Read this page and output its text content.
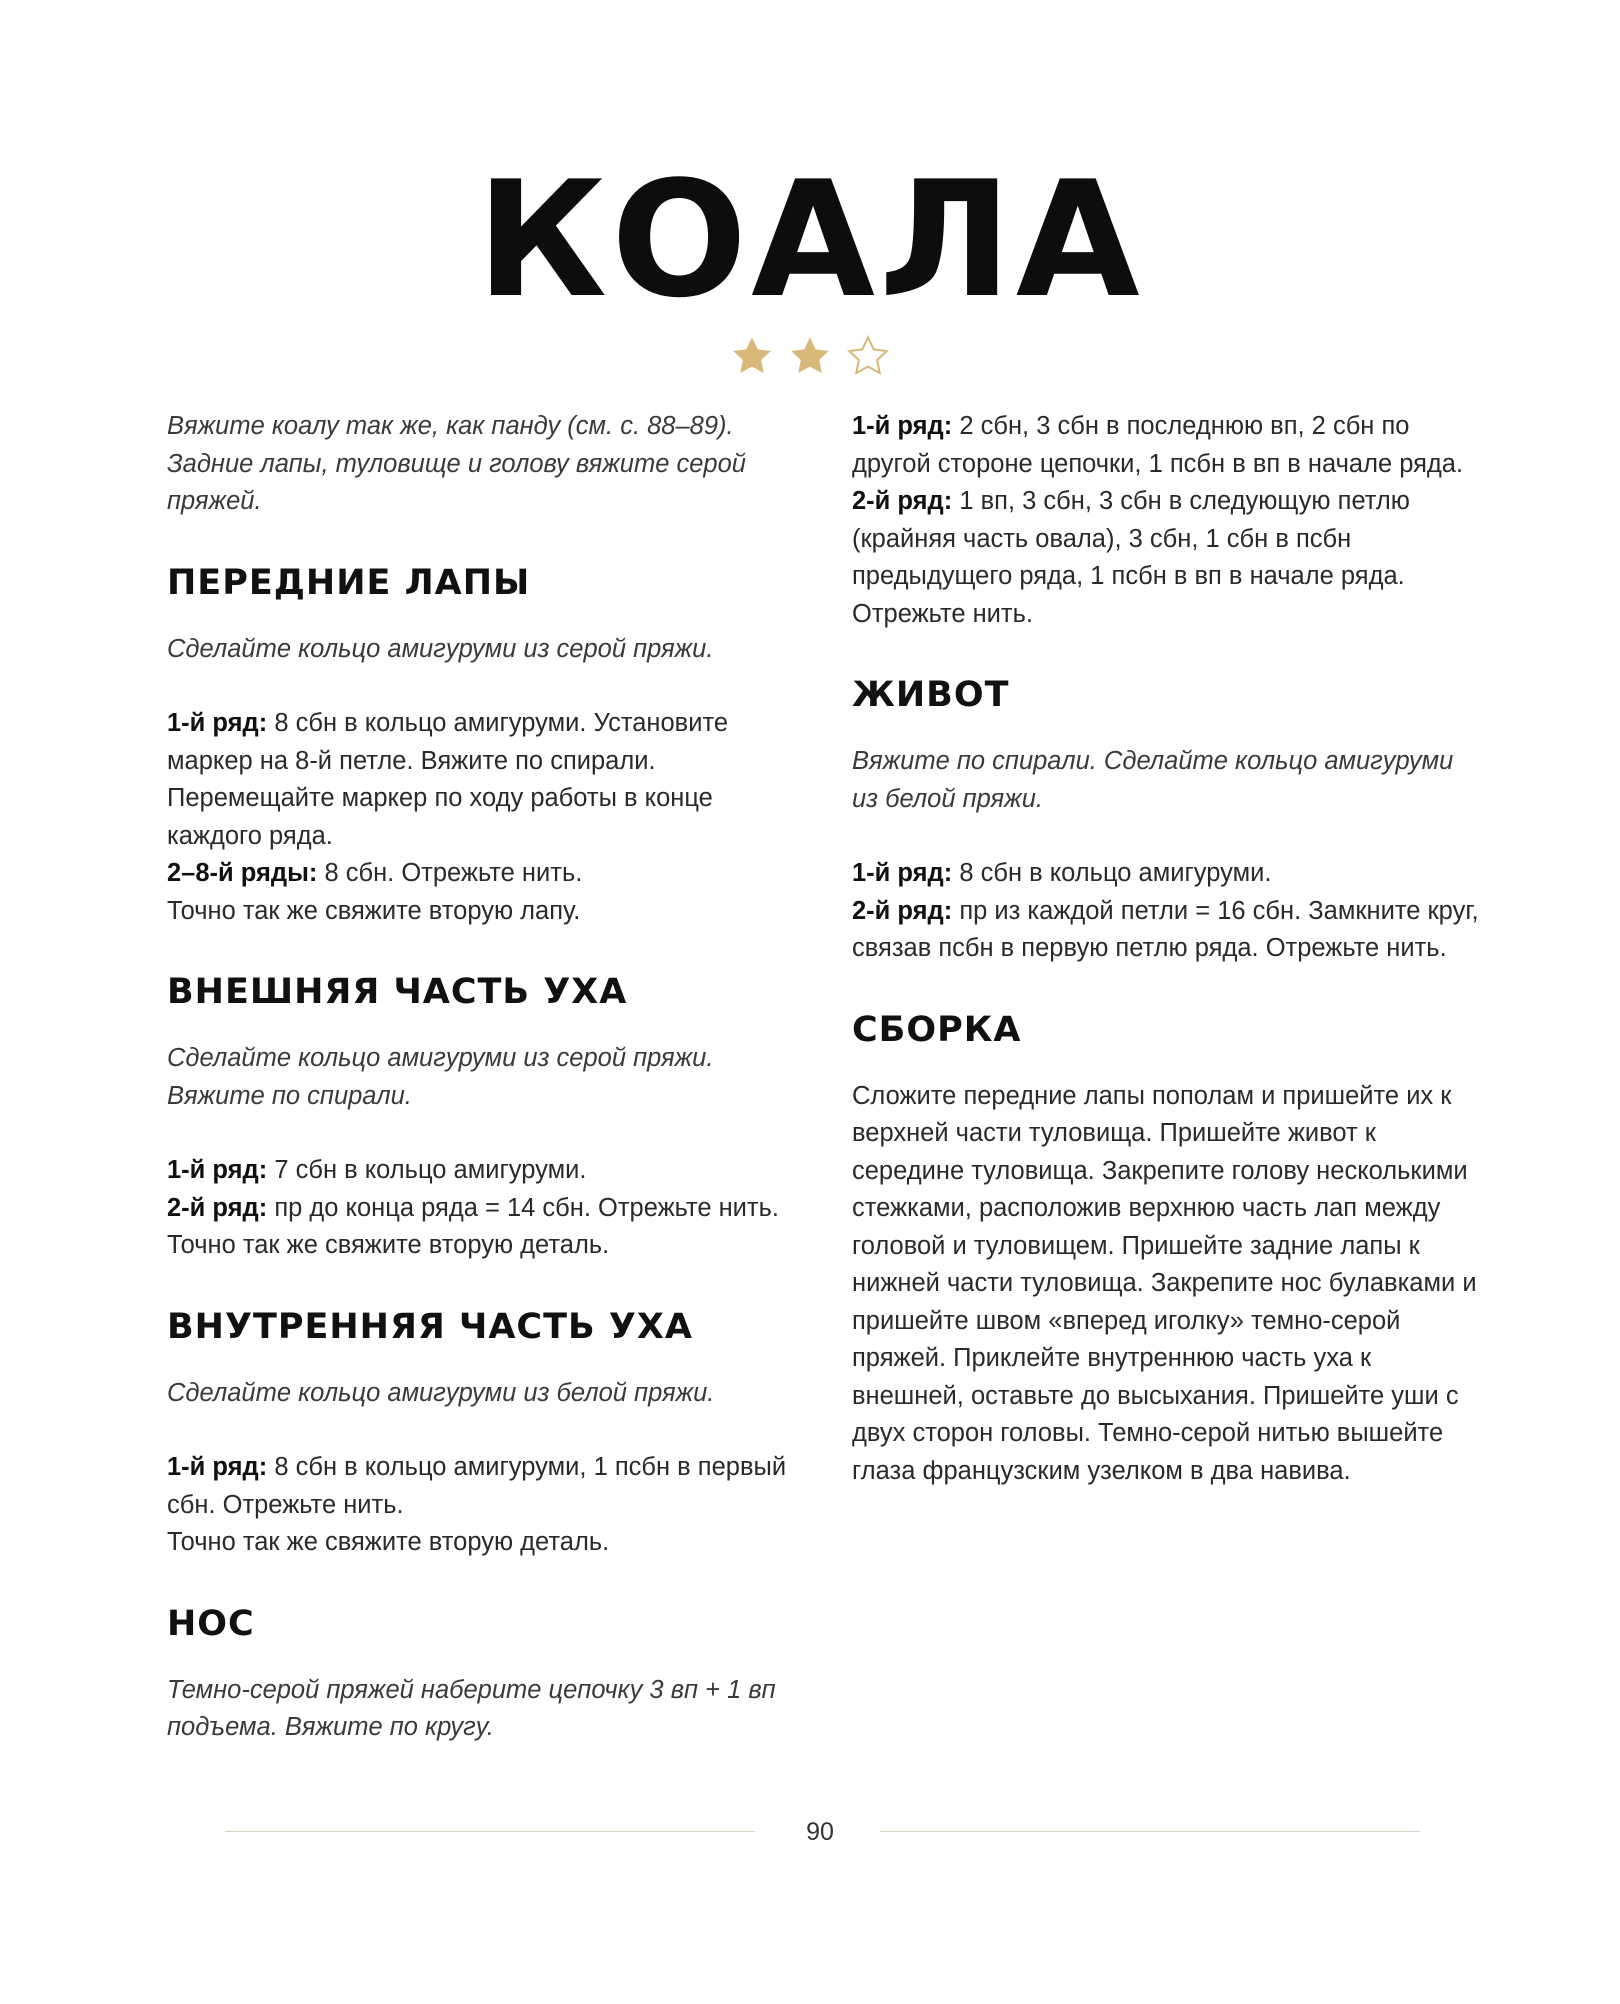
КОАЛА

Вяжите коалу так же, как панду (см. с. 88–89). Задние лапы, туловище и голову вяжите серой пряжей.

ПЕРЕДНИЕ ЛАПЫ

Сделайте кольцо амигуруми из серой пряжи.

1-й ряд: 8 сбн в кольцо амигуруми. Установите маркер на 8-й петле. Вяжите по спирали. Перемещайте маркер по ходу работы в конце каждого ряда.

2–8-й ряды: 8 сбн. Отрежьте нить.

Точно так же свяжите вторую лапу.

ВНЕШНЯЯ ЧАСТЬ УХА

Сделайте кольцо амигуруми из серой пряжи. Вяжите по спирали.

1-й ряд: 7 сбн в кольцо амигуруми.

2-й ряд: пр до конца ряда = 14 сбн. Отрежьте нить.

Точно так же свяжите вторую деталь.

ВНУТРЕННЯЯ ЧАСТЬ УХА

Сделайте кольцо амигуруми из белой пряжи.

1-й ряд: 8 сбн в кольцо амигуруми, 1 псбн в первый сбн. Отрежьте нить.

Точно так же свяжите вторую деталь.

НОС

Темно-серой пряжей наберите цепочку 3 вп + 1 вп подъема. Вяжите по кругу.

1-й ряд: 2 сбн, 3 сбн в последнюю вп, 2 сбн по другой стороне цепочки, 1 псбн в вп в начале ряда.

2-й ряд: 1 вп, 3 сбн, 3 сбн в следующую петлю (крайняя часть овала), 3 сбн, 1 сбн в псбн предыдущего ряда, 1 псбн в вп в начале ряда. Отрежьте нить.

ЖИВОТ

Вяжите по спирали. Сделайте кольцо амигуруми из белой пряжи.

1-й ряд: 8 сбн в кольцо амигуруми.

2-й ряд: пр из каждой петли = 16 сбн. Замкните круг, связав псбн в первую петлю ряда. Отрежьте нить.

СБОРКА

Сложите передние лапы пополам и пришейте их к верхней части туловища. Пришейте живот к середине туловища. Закрепите голову несколькими стежками, расположив верхнюю часть лап между головой и туловищем. Пришейте задние лапы к нижней части туловища. Закрепите нос булавками и пришейте швом «вперед иголку» темно-серой пряжей. Приклейте внутреннюю часть уха к внешней, оставьте до высыхания. Пришейте уши с двух сторон головы. Темно-серой нитью вышейте глаза французским узелком в два навива.

90
